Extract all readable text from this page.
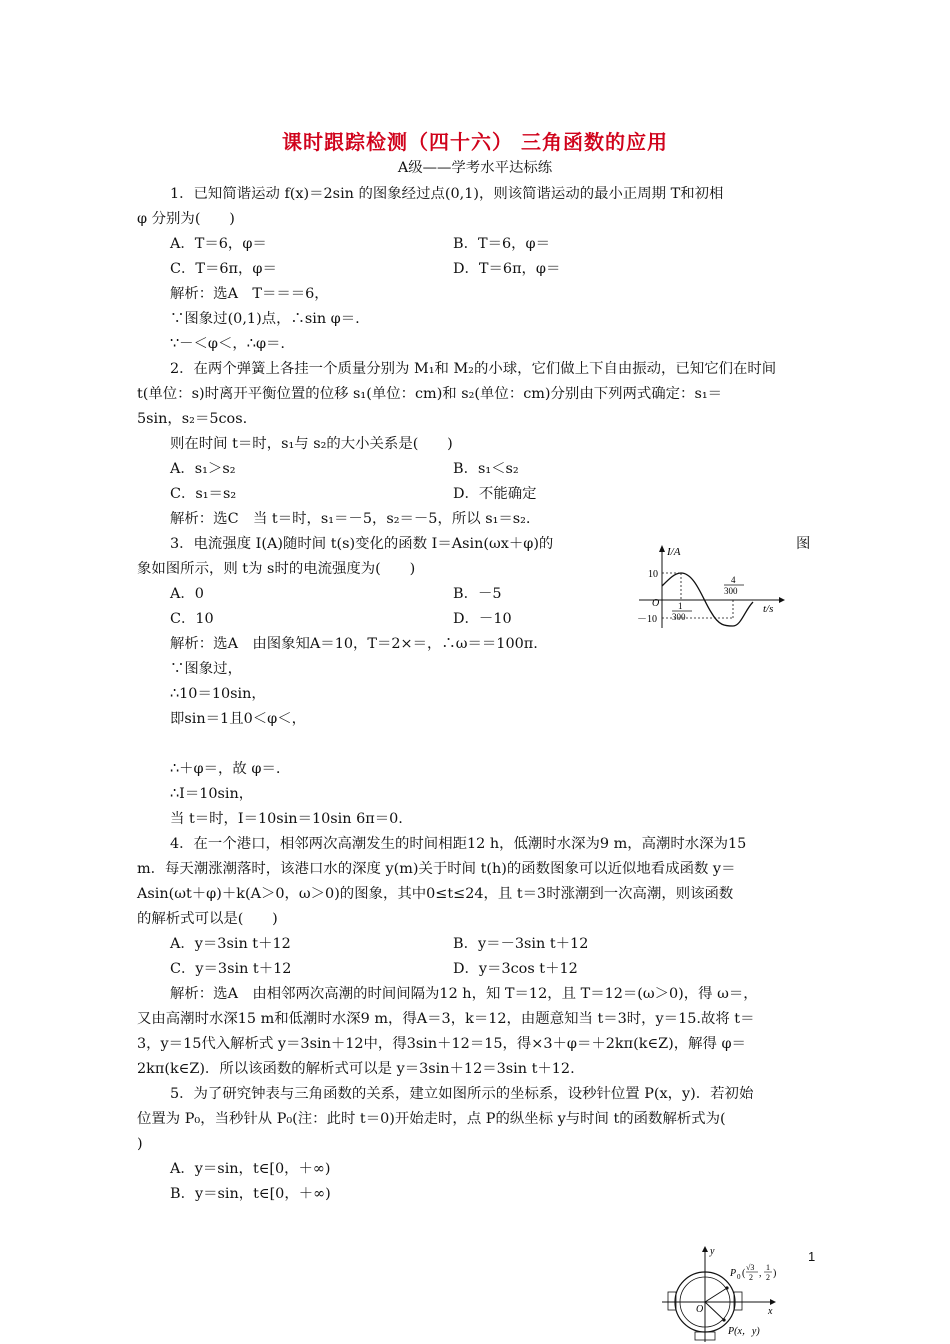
课时跟踪检测（四十六） 三角函数的应用
A级——学考水平达标练
1．已知简谐运动 f(x)＝2sin 的图象经过点(0,1)，则该简谐运动的最小正周期 T和初相
φ 分别为(　　)
A．T＝6，φ＝	B．T＝6，φ＝
C．T＝6π，φ＝	D．T＝6π，φ＝
解析：选A　T＝＝＝6，
∵图象过(0,1)点，∴sin φ＝.
∵－＜φ＜，∴φ＝.
2．在两个弹簧上各挂一个质量分别为 M₁和 M₂的小球，它们做上下自由振动，已知它们在时间
t(单位：s)时离开平衡位置的位移 s₁(单位：cm)和 s₂(单位：cm)分别由下列两式确定：s₁＝
5sin，s₂＝5cos.
则在时间 t＝时，s₁与 s₂的大小关系是(　　)
A．s₁＞s₂	B．s₁＜s₂
C．s₁＝s₂	D．不能确定
解析：选C　当 t＝时，s₁＝－5，s₂＝－5，所以 s₁＝s₂.
3．电流强度 I(A)随时间 t(s)变化的函数 I＝Asin(ωx＋φ)的	图
象如图所示，则 t为 s时的电流强度为(　　)
A．0	B．－5
C．10	D．－10
解析：选A　由图象知A＝10，T＝2×＝，∴ω＝＝100π.
∵图象过，
∴10＝10sin，
即sin＝1且0＜φ＜，
∴＋φ＝，故 φ＝.
∴I＝10sin，
当 t＝时，I＝10sin＝10sin 6π＝0.
4．在一个港口，相邻两次高潮发生的时间相距12 h，低潮时水深为9 m，高潮时水深为15
m．每天潮涨潮落时，该港口水的深度 y(m)关于时间 t(h)的函数图象可以近似地看成函数 y＝
Asin(ωt＋φ)＋k(A＞0，ω＞0)的图象，其中0≤t≤24，且 t＝3时涨潮到一次高潮，则该函数
的解析式可以是(　　)
A．y＝3sin t＋12	B．y＝－3sin t＋12
C．y＝3sin t＋12	D．y＝3cos t＋12
解析：选A　由相邻两次高潮的时间间隔为12 h，知 T＝12，且 T＝12＝(ω＞0)，得 ω＝，
又由高潮时水深15 m和低潮时水深9 m，得A＝3，k＝12，由题意知当 t＝3时，y＝15.故将 t＝
3，y＝15代入解析式 y＝3sin＋12中，得3sin＋12＝15，得×3＋φ＝＋2kπ(k∈Z)，解得 φ＝
2kπ(k∈Z)．所以该函数的解析式可以是 y＝3sin＋12＝3sin t＋12.
5．为了研究钟表与三角函数的关系，建立如图所示的坐标系，设秒针位置 P(x，y)．若初始
位置为 P₀，当秒针从 P₀(注：此时 t＝0)开始走时，点 P的纵坐标 y与时间 t的函数解析式为(
)
A．y＝sin，t∈[0，＋∞)
B．y＝sin，t∈[0，＋∞)
I/A
t/s
O
10
－10
1
300
4
300
y
x
O
P 0 (
√3
2 ,
1
2 )
P(x，y)
1
